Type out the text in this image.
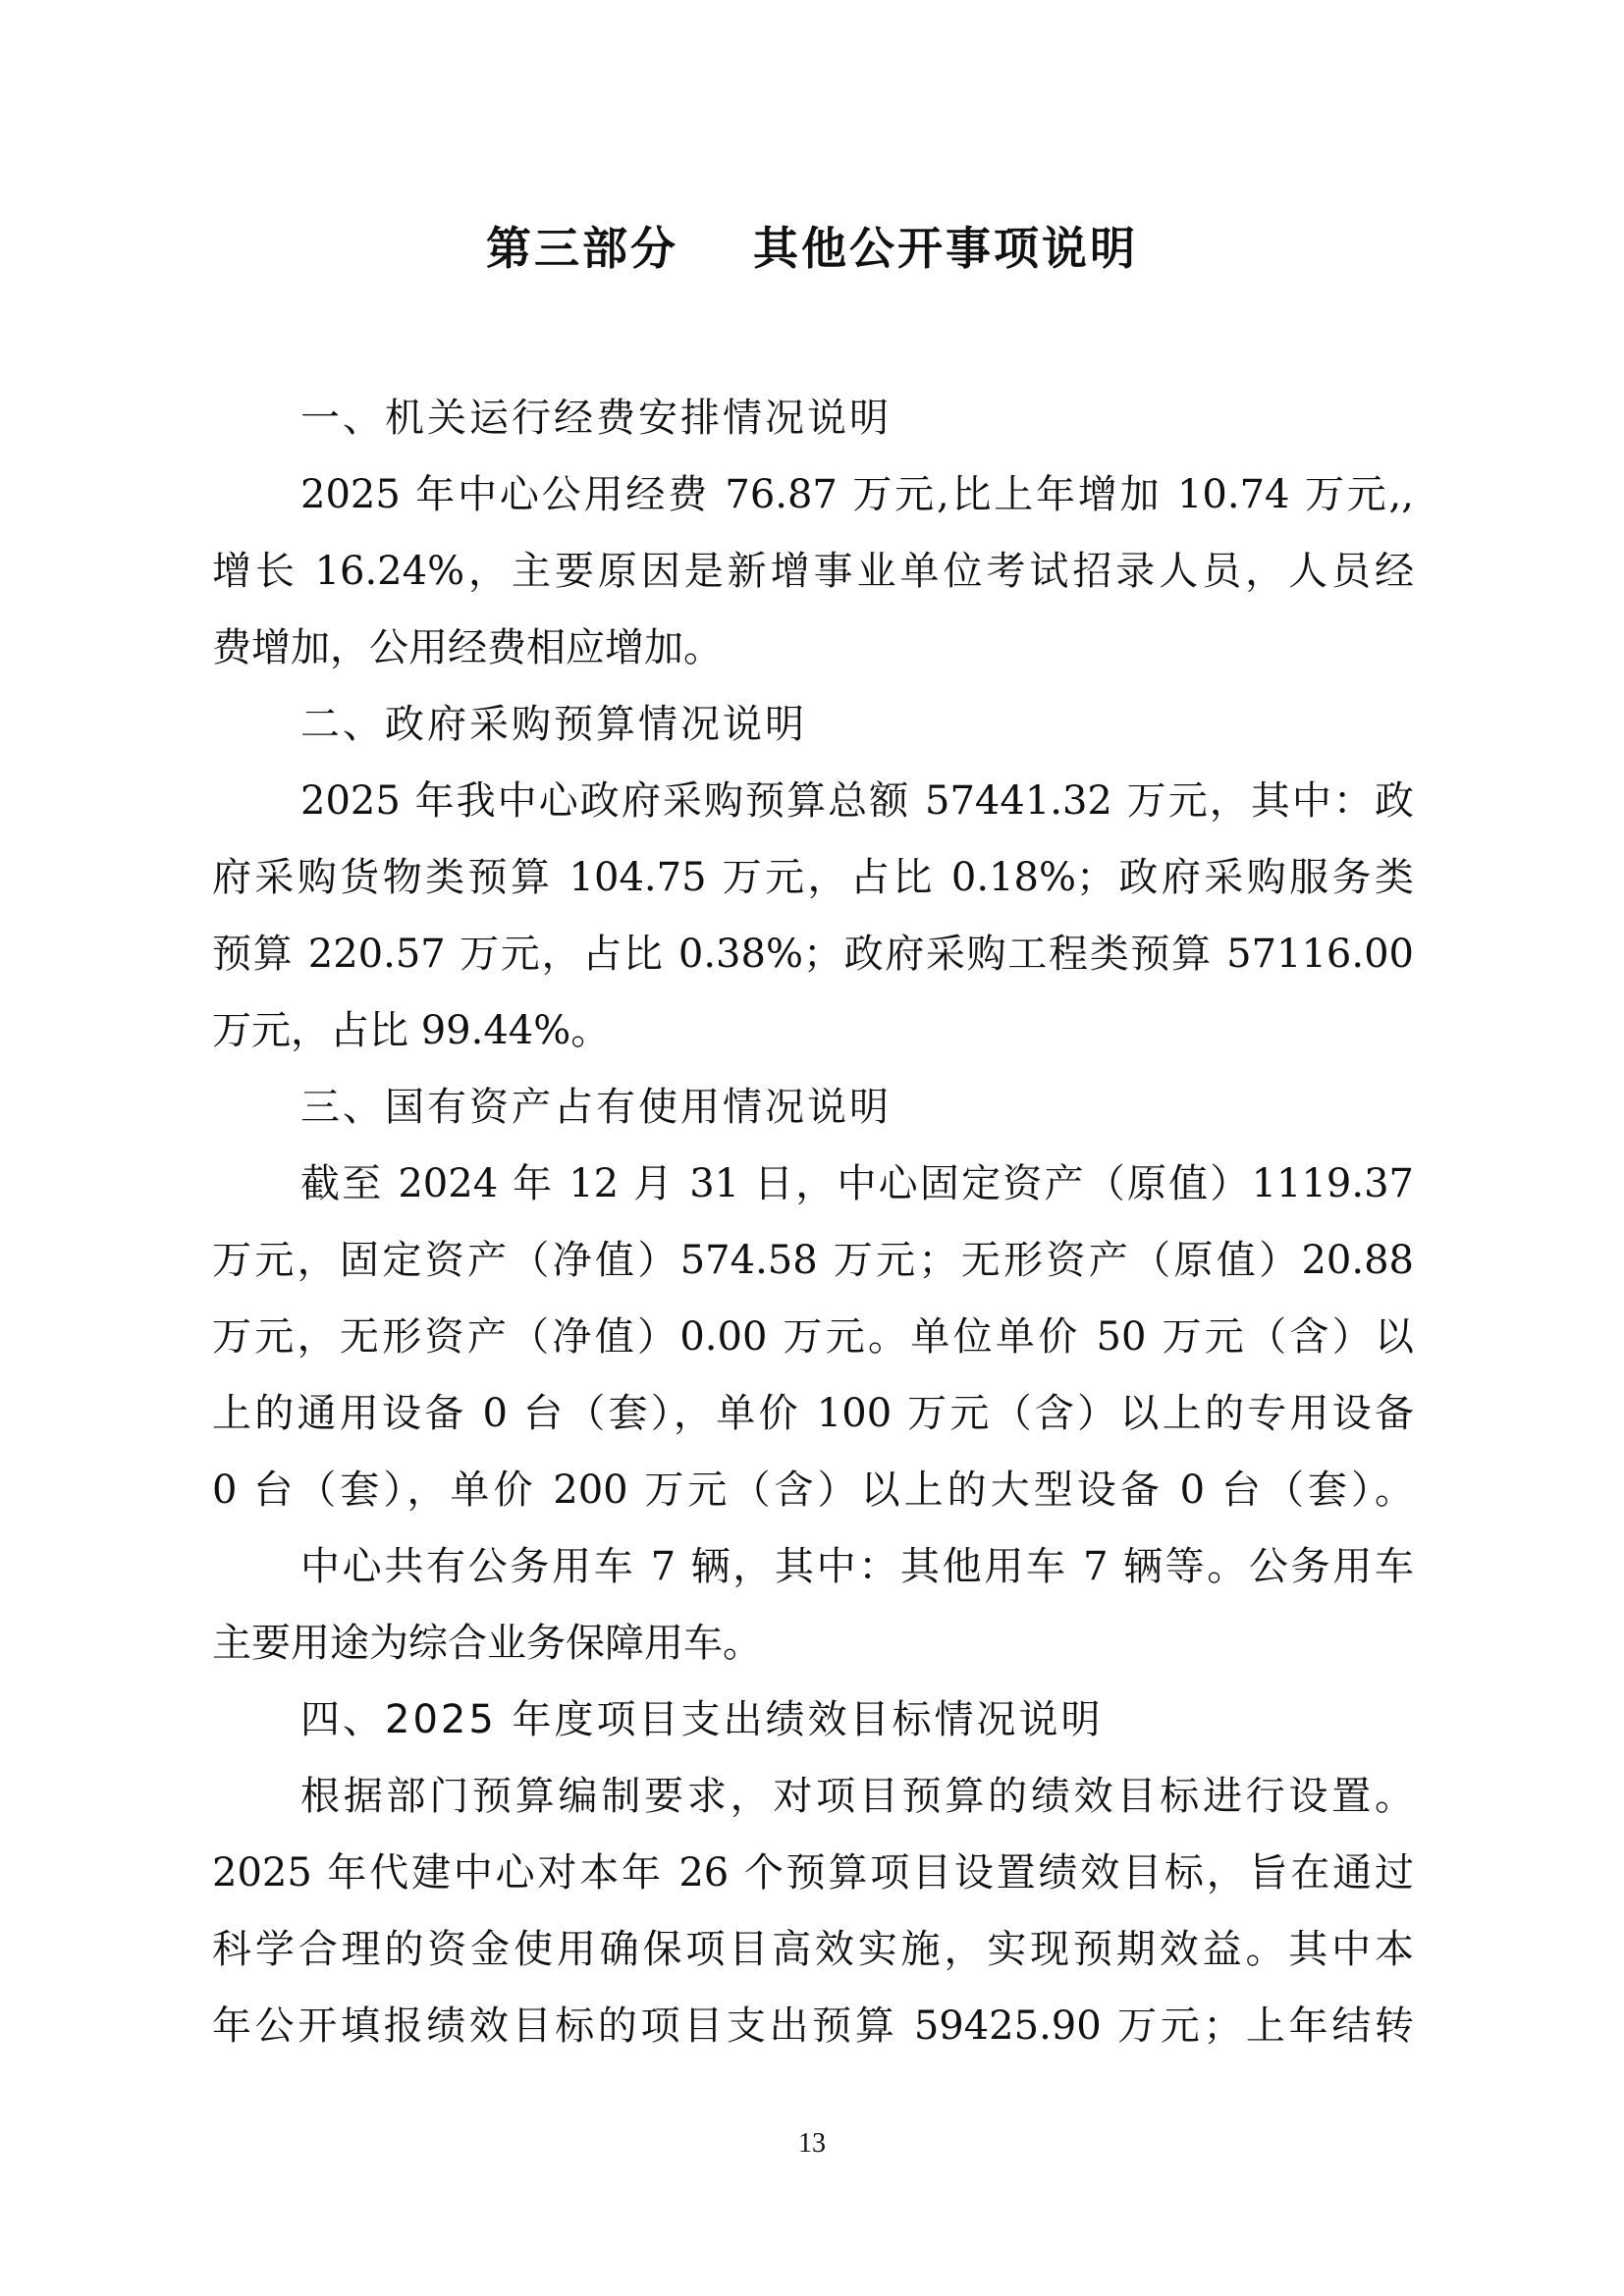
第三部分    其他公开事项说明
一、机关运行经费安排情况说明
2025 年中心公用经费 76.87 万元,比上年增加 10.74 万元,,
增长 16.24%，主要原因是新增事业单位考试招录人员，人员经
费增加，公用经费相应增加。
二、政府采购预算情况说明
2025 年我中心政府采购预算总额 57441.32 万元，其中：政
府采购货物类预算 104.75 万元，占比 0.18%；政府采购服务类
预算 220.57 万元，占比 0.38%；政府采购工程类预算 57116.00
万元，占比 99.44%。
三、国有资产占有使用情况说明
截至 2024 年 12 月 31 日，中心固定资产（原值）1119.37
万元，固定资产（净值）574.58 万元；无形资产（原值）20.88
万元，无形资产（净值）0.00 万元。单位单价 50 万元（含）以
上的通用设备 0 台（套），单价 100 万元（含）以上的专用设备
0 台（套），单价 200 万元（含）以上的大型设备 0 台（套）。
中心共有公务用车 7 辆，其中：其他用车 7 辆等。公务用车
主要用途为综合业务保障用车。
四、2025 年度项目支出绩效目标情况说明
根据部门预算编制要求，对项目预算的绩效目标进行设置。
2025 年代建中心对本年 26 个预算项目设置绩效目标，旨在通过
科学合理的资金使用确保项目高效实施，实现预期效益。其中本
年公开填报绩效目标的项目支出预算 59425.90 万元；上年结转
13
